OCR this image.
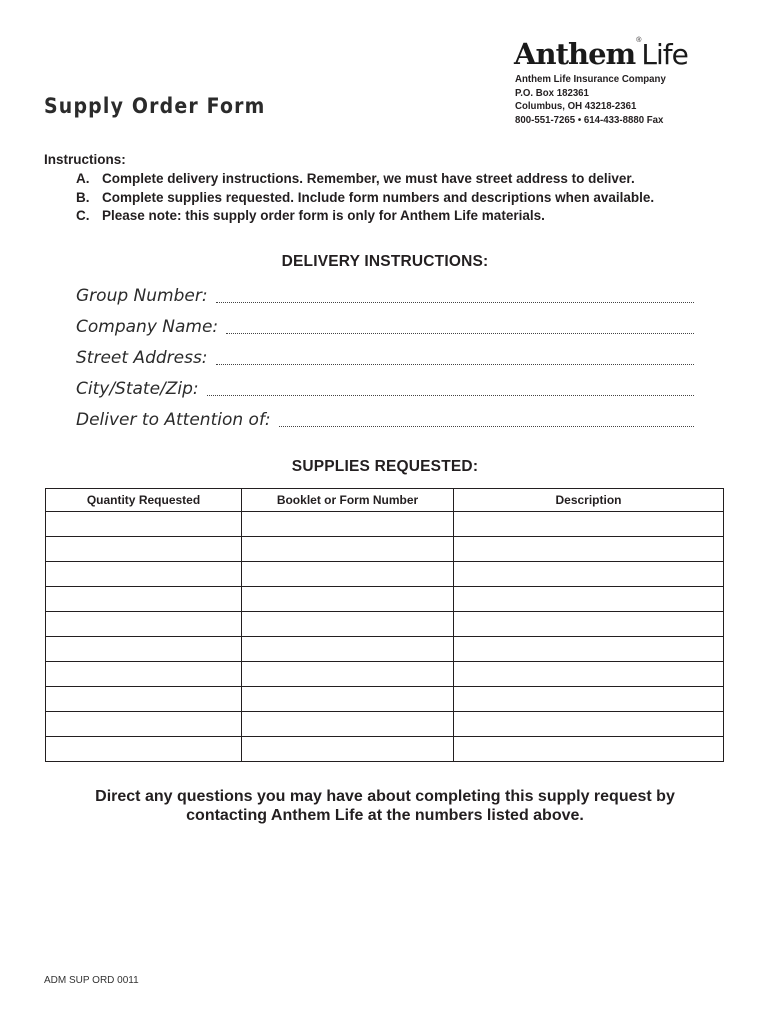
Supply Order Form
Anthem®Life
Anthem Life Insurance Company
P.O. Box 182361
Columbus, OH 43218-2361
800-551-7265 • 614-433-8880 Fax
Instructions:
A. Complete delivery instructions. Remember, we must have street address to deliver.
B. Complete supplies requested. Include form numbers and descriptions when available.
C. Please note: this supply order form is only for Anthem Life materials.
DELIVERY INSTRUCTIONS:
Group Number:
Company Name:
Street Address:
City/State/Zip:
Deliver to Attention of:
SUPPLIES REQUESTED:
Quantity Requested	Booklet or Form Number	Description

Direct any questions you may have about completing this supply request by
contacting Anthem Life at the numbers listed above.
ADM SUP ORD 0011
